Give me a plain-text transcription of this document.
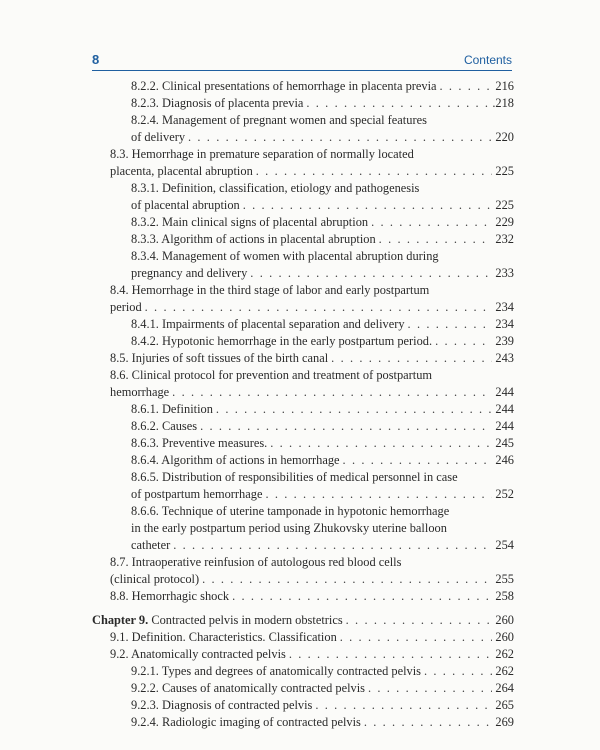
8	Contents
8.2.2. Clinical presentations of hemorrhage in placenta previa . . .	216
8.2.3. Diagnosis of placenta previa . . .	.218
8.2.4. Management of pregnant women and special features
of delivery . . .	220
8.3. Hemorrhage in premature separation of normally located
placenta, placental abruption . . .	225
8.3.1. Definition, classification, etiology and pathogenesis
of placental abruption . . .	225
8.3.2. Main clinical signs of placental abruption . . .	229
8.3.3. Algorithm of actions in placental abruption . . .	232
8.3.4. Management of women with placental abruption during
pregnancy and delivery . . .	233
8.4. Hemorrhage in the third stage of labor and early postpartum
period . . .	234
8.4.1. Impairments of placental separation and delivery . . .	234
8.4.2. Hypotonic hemorrhage in the early postpartum period. . . .	239
8.5. Injuries of soft tissues of the birth canal . . .	243
8.6. Clinical protocol for prevention and treatment of postpartum
hemorrhage . . .	244
8.6.1. Definition . . .	244
8.6.2. Causes . . .	244
8.6.3. Preventive measures. . . .	245
8.6.4. Algorithm of actions in hemorrhage . . .	246
8.6.5. Distribution of responsibilities of medical personnel in case
of postpartum hemorrhage . . .	252
8.6.6. Technique of uterine tamponade in hypotonic hemorrhage
in the early postpartum period using Zhukovsky uterine balloon
catheter . . .	254
8.7. Intraoperative reinfusion of autologous red blood cells
(clinical protocol) . . .	255
8.8. Hemorrhagic shock . . .	258
Chapter 9.
Contracted pelvis in modern obstetrics . . .	260
9.1. Definition. Characteristics. Classification . . .	260
9.2. Anatomically contracted pelvis . . .	262
9.2.1. Types and degrees of anatomically contracted pelvis . . .	262
9.2.2. Causes of anatomically contracted pelvis . . .	264
9.2.3. Diagnosis of contracted pelvis . . .	265
9.2.4. Radiologic imaging of contracted pelvis . . .	269
